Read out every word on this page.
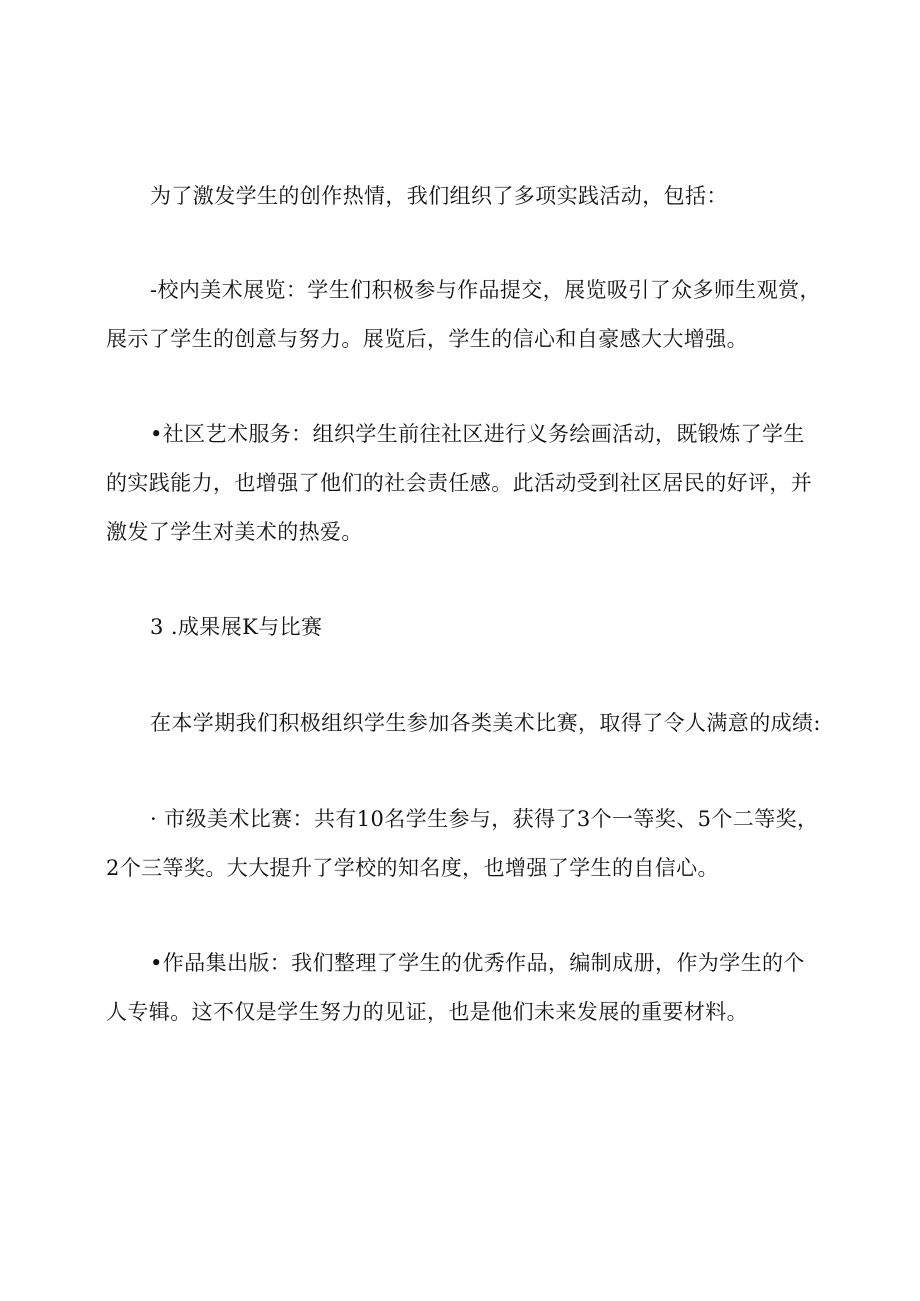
为了激发学生的创作热情，我们组织了多项实践活动，包括：
-校内美术展览：学生们积极参与作品提交，展览吸引了众多师生观赏，
展示了学生的创意与努力。展览后，学生的信心和自豪感大大增强。
•社区艺术服务：组织学生前往社区进行义务绘画活动，既锻炼了学生
的实践能力，也增强了他们的社会责任感。此活动受到社区居民的好评，并
激发了学生对美术的热爱。
3 .成果展K与比赛
在本学期我们积极组织学生参加各类美术比赛，取得了令人满意的成绩:
· 市级美术比赛：共有10名学生参与，获得了3个一等奖、5个二等奖，
2个三等奖。大大提升了学校的知名度，也增强了学生的自信心。
•作品集出版：我们整理了学生的优秀作品，编制成册，作为学生的个
人专辑。这不仅是学生努力的见证，也是他们未来发展的重要材料。
